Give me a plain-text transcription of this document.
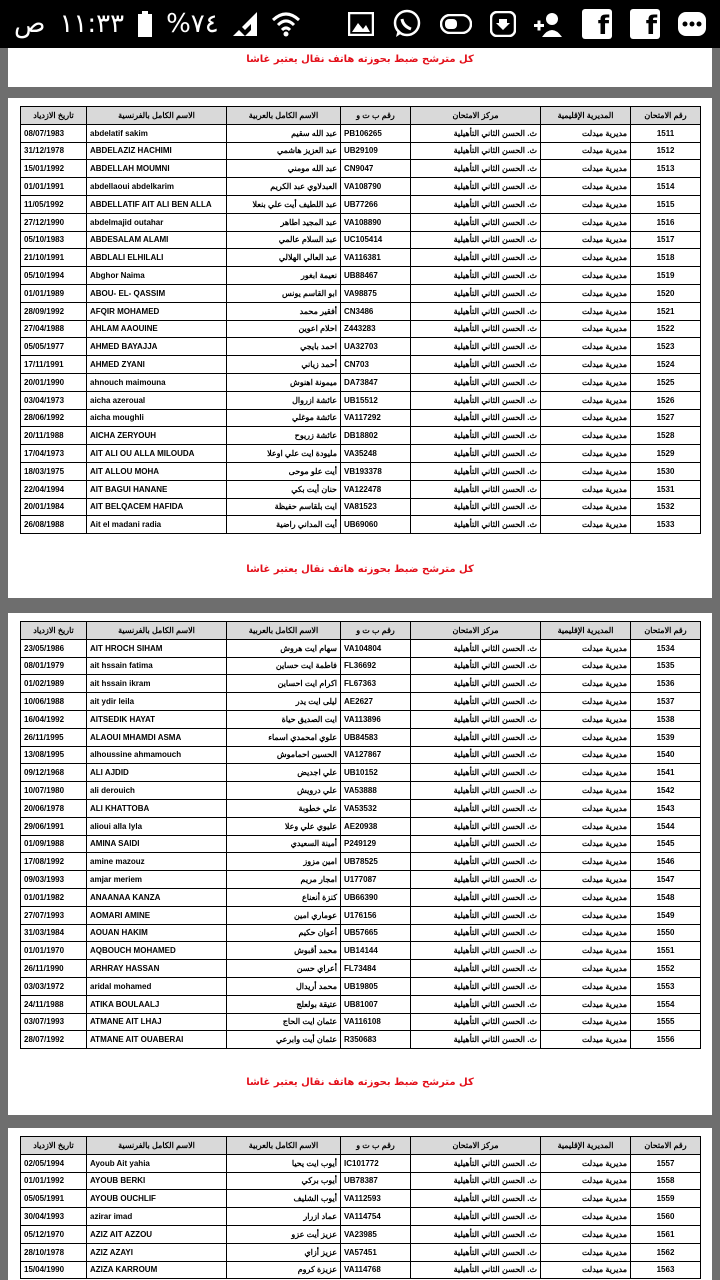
ص ١١:٣٣ %٧٤	f	f
كل مترشح ضبط بحوزته هاتف نقال يعتبر غاشا
تاريخ الازدياد	الاسم الكامل بالفرنسية	الاسم الكامل بالعربية	رقم ب ت و	مركز الامتحان	المديرية الإقليمية	رقم الامتحان
08/07/1983	abdelatif sakim	عبد الله سقيم	PB106265	ث. الحسن الثاني التأهيلية	مديرية ميدلت	1511
31/12/1978	ABDELAZIZ HACHIMI	عبد العزيز هاشمي	UB29109	ث. الحسن الثاني التأهيلية	مديرية ميدلت	1512
15/01/1992	ABDELLAH MOUMNI	عبد الله مومني	CN9047	ث. الحسن الثاني التأهيلية	مديرية ميدلت	1513
01/01/1991	abdellaoui abdelkarim	العبدلاوي عبد الكريم	VA108790	ث. الحسن الثاني التأهيلية	مديرية ميدلت	1514
11/05/1992	ABDELLATIF AIT ALI BEN ALLA	عبد اللطيف أيت علي بنعلا	UB77266	ث. الحسن الثاني التأهيلية	مديرية ميدلت	1515
27/12/1990	abdelmajid outahar	عبد المجيد اطاهر	VA108890	ث. الحسن الثاني التأهيلية	مديرية ميدلت	1516
05/10/1983	ABDESALAM ALAMI	عبد السلام عالمي	UC105414	ث. الحسن الثاني التأهيلية	مديرية ميدلت	1517
21/10/1991	ABDLALI ELHILALI	عبد العالي الهلالي	VA116381	ث. الحسن الثاني التأهيلية	مديرية ميدلت	1518
05/10/1994	Abghor Naima	نعيمة ابغور	UB88467	ث. الحسن الثاني التأهيلية	مديرية ميدلت	1519
01/01/1989	ABOU- EL- QASSIM	ابو القاسم يونس	VA98875	ث. الحسن الثاني التأهيلية	مديرية ميدلت	1520
28/09/1992	AFQIR MOHAMED	أفقير محمد	CN3486	ث. الحسن الثاني التأهيلية	مديرية ميدلت	1521
27/04/1988	AHLAM AAOUINE	احلام اعوين	Z443283	ث. الحسن الثاني التأهيلية	مديرية ميدلت	1522
05/05/1977	AHMED BAYAJJA	احمد بايجي	UA32703	ث. الحسن الثاني التأهيلية	مديرية ميدلت	1523
17/11/1991	AHMED ZYANI	أحمد زياني	CN703	ث. الحسن الثاني التأهيلية	مديرية ميدلت	1524
20/01/1990	ahnouch maimouna	ميمونة اهنوش	DA73847	ث. الحسن الثاني التأهيلية	مديرية ميدلت	1525
03/04/1973	aicha azeroual	عائشة ازروال	UB15512	ث. الحسن الثاني التأهيلية	مديرية ميدلت	1526
28/06/1992	aicha moughli	عائشة موغلي	VA117292	ث. الحسن الثاني التأهيلية	مديرية ميدلت	1527
20/11/1988	AICHA ZERYOUH	عائشة زريوح	DB18802	ث. الحسن الثاني التأهيلية	مديرية ميدلت	1528
17/04/1973	AIT ALI OU ALLA MILOUDA	مليودة ايت علي اوعلا	VA35248	ث. الحسن الثاني التأهيلية	مديرية ميدلت	1529
18/03/1975	AIT ALLOU MOHA	أيت علو موحى	VB193378	ث. الحسن الثاني التأهيلية	مديرية ميدلت	1530
22/04/1994	AIT BAGUI HANANE	حنان أيت بكي	VA122478	ث. الحسن الثاني التأهيلية	مديرية ميدلت	1531
20/01/1984	AIT BELQACEM HAFIDA	ايت بلقاسم حفيظة	VA81523	ث. الحسن الثاني التأهيلية	مديرية ميدلت	1532
26/08/1988	Ait el madani radia	أيت المداني راضية	UB69060	ث. الحسن الثاني التأهيلية	مديرية ميدلت	1533
كل مترشح ضبط بحوزته هاتف نقال يعتبر غاشا
تاريخ الازدياد	الاسم الكامل بالفرنسية	الاسم الكامل بالعربية	رقم ب ت و	مركز الامتحان	المديرية الإقليمية	رقم الامتحان
23/05/1986	AIT HROCH SIHAM	سهام ايت هروش	VA104804	ث. الحسن الثاني التأهيلية	مديرية ميدلت	1534
08/01/1979	ait hssain fatima	فاطمة ايت حساين	FL36692	ث. الحسن الثاني التأهيلية	مديرية ميدلت	1535
01/02/1989	ait hssain ikram	اكرام ايت احساين	FL67363	ث. الحسن الثاني التأهيلية	مديرية ميدلت	1536
10/06/1988	ait ydir leila	ليلى ايت يدر	AE2627	ث. الحسن الثاني التأهيلية	مديرية ميدلت	1537
16/04/1992	AITSEDIK HAYAT	ايت الصديق حياة	VA113896	ث. الحسن الثاني التأهيلية	مديرية ميدلت	1538
26/11/1995	ALAOUI MHAMDI ASMA	علوي امحمدي اسماء	UB84583	ث. الحسن الثاني التأهيلية	مديرية ميدلت	1539
13/08/1995	alhoussine ahmamouch	الحسين احماموش	VA127867	ث. الحسن الثاني التأهيلية	مديرية ميدلت	1540
09/12/1968	ALI AJDID	علي اجديض	UB10152	ث. الحسن الثاني التأهيلية	مديرية ميدلت	1541
10/07/1980	ali derouich	علي درويش	VA53888	ث. الحسن الثاني التأهيلية	مديرية ميدلت	1542
20/06/1978	ALI KHATTOBA	علي خطوبة	VA53532	ث. الحسن الثاني التأهيلية	مديرية ميدلت	1543
29/06/1991	alioui alla lyla	عليوي علي وعلا	AE20938	ث. الحسن الثاني التأهيلية	مديرية ميدلت	1544
01/09/1988	AMINA SAIDI	أمينة السعيدي	P249129	ث. الحسن الثاني التأهيلية	مديرية ميدلت	1545
17/08/1992	amine mazouz	امين مزوز	UB78525	ث. الحسن الثاني التأهيلية	مديرية ميدلت	1546
09/03/1993	amjar meriem	امجار مريم	U177087	ث. الحسن الثاني التأهيلية	مديرية ميدلت	1547
01/01/1982	ANAANAA KANZA	كنزة أنعناع	UB66390	ث. الحسن الثاني التأهيلية	مديرية ميدلت	1548
27/07/1993	AOMARI AMINE	عوماري امين	U176156	ث. الحسن الثاني التأهيلية	مديرية ميدلت	1549
31/03/1984	AOUAN HAKIM	أعوان حكيم	UB57665	ث. الحسن الثاني التأهيلية	مديرية ميدلت	1550
01/01/1970	AQBOUCH MOHAMED	محمد أقبوش	UB14144	ث. الحسن الثاني التأهيلية	مديرية ميدلت	1551
26/11/1990	ARHRAY HASSAN	أعراي حسن	FL73484	ث. الحسن الثاني التأهيلية	مديرية ميدلت	1552
03/03/1972	aridal mohamed	محمد أريدال	UB19805	ث. الحسن الثاني التأهيلية	مديرية ميدلت	1553
24/11/1988	ATIKA BOULAALJ	عتيقة بولعلج	UB81007	ث. الحسن الثاني التأهيلية	مديرية ميدلت	1554
03/07/1993	ATMANE AIT LHAJ	عثمان ايت الحاج	VA116108	ث. الحسن الثاني التأهيلية	مديرية ميدلت	1555
28/07/1992	ATMANE AIT OUABERAI	عثمان أيت وابرعي	R350683	ث. الحسن الثاني التأهيلية	مديرية ميدلت	1556
كل مترشح ضبط بحوزته هاتف نقال يعتبر غاشا
تاريخ الازدياد	الاسم الكامل بالفرنسية	الاسم الكامل بالعربية	رقم ب ت و	مركز الامتحان	المديرية الإقليمية	رقم الامتحان
02/05/1994	Ayoub Ait yahia	أيوب ايت يحيا	IC101772	ث. الحسن الثاني التأهيلية	مديرية ميدلت	1557
01/01/1992	AYOUB BERKI	أيوب بركي	UB78387	ث. الحسن الثاني التأهيلية	مديرية ميدلت	1558
05/05/1991	AYOUB OUCHLIF	أيوب الشليف	VA112593	ث. الحسن الثاني التأهيلية	مديرية ميدلت	1559
30/04/1993	azirar imad	عماد ازرار	VA114754	ث. الحسن الثاني التأهيلية	مديرية ميدلت	1560
05/12/1970	AZIZ AIT AZZOU	عزيز أيت عزو	VA23985	ث. الحسن الثاني التأهيلية	مديرية ميدلت	1561
28/10/1978	AZIZ AZAYI	عزيز أزاي	VA57451	ث. الحسن الثاني التأهيلية	مديرية ميدلت	1562
15/04/1990	AZIZA KARROUM	عزيزة كروم	VA114768	ث. الحسن الثاني التأهيلية	مديرية ميدلت	1563
